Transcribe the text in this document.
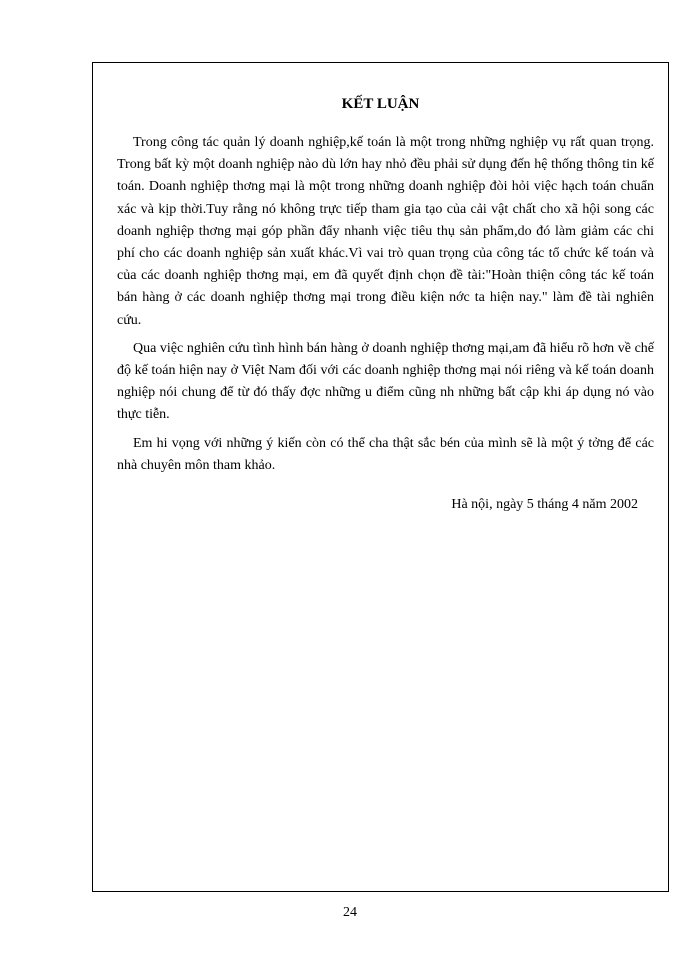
KẾT LUẬN

Trong công tác quản lý doanh nghiệp,kế toán là một trong những nghiệp vụ rất quan trọng. Trong bất kỳ một doanh nghiệp nào dù lớn hay nhỏ đều phải sử dụng đến hệ thống thông tin kế toán. Doanh nghiệp thơng mại là một trong những doanh nghiệp đòi hỏi việc hạch toán chuẩn xác và kịp thời.Tuy rằng nó không trực tiếp tham gia tạo của cải vật chất cho xã hội song các doanh nghiệp thơng mại góp phần đẩy nhanh việc tiêu thụ sản phẩm,do đó làm giảm các chi phí cho các doanh nghiệp sản xuất khác.Vì vai trò quan trọng của công tác tổ chức kế toán và của các doanh nghiệp thơng mại, em đã quyết định chọn đề tài:"Hoàn thiện công tác kế toán bán hàng ở các doanh nghiệp thơng mại trong điều kiện nớc ta hiện nay." làm đề tài nghiên cứu.

Qua việc nghiên cứu tình hình bán hàng ở doanh nghiệp thơng mại,am đã hiểu rõ hơn về chế độ kế toán hiện nay ở Việt Nam đối với các doanh nghiệp thơng mại nói riêng và kế toán doanh nghiệp nói chung để từ đó thấy đợc những u điểm cũng nh những bất cập khi áp dụng nó vào thực tiễn.

Em hi vọng với những ý kiến còn có thể cha thật sắc bén của mình sẽ là một ý tởng để các nhà chuyên môn tham khảo.

Hà nội, ngày 5 tháng 4 năm 2002
24
